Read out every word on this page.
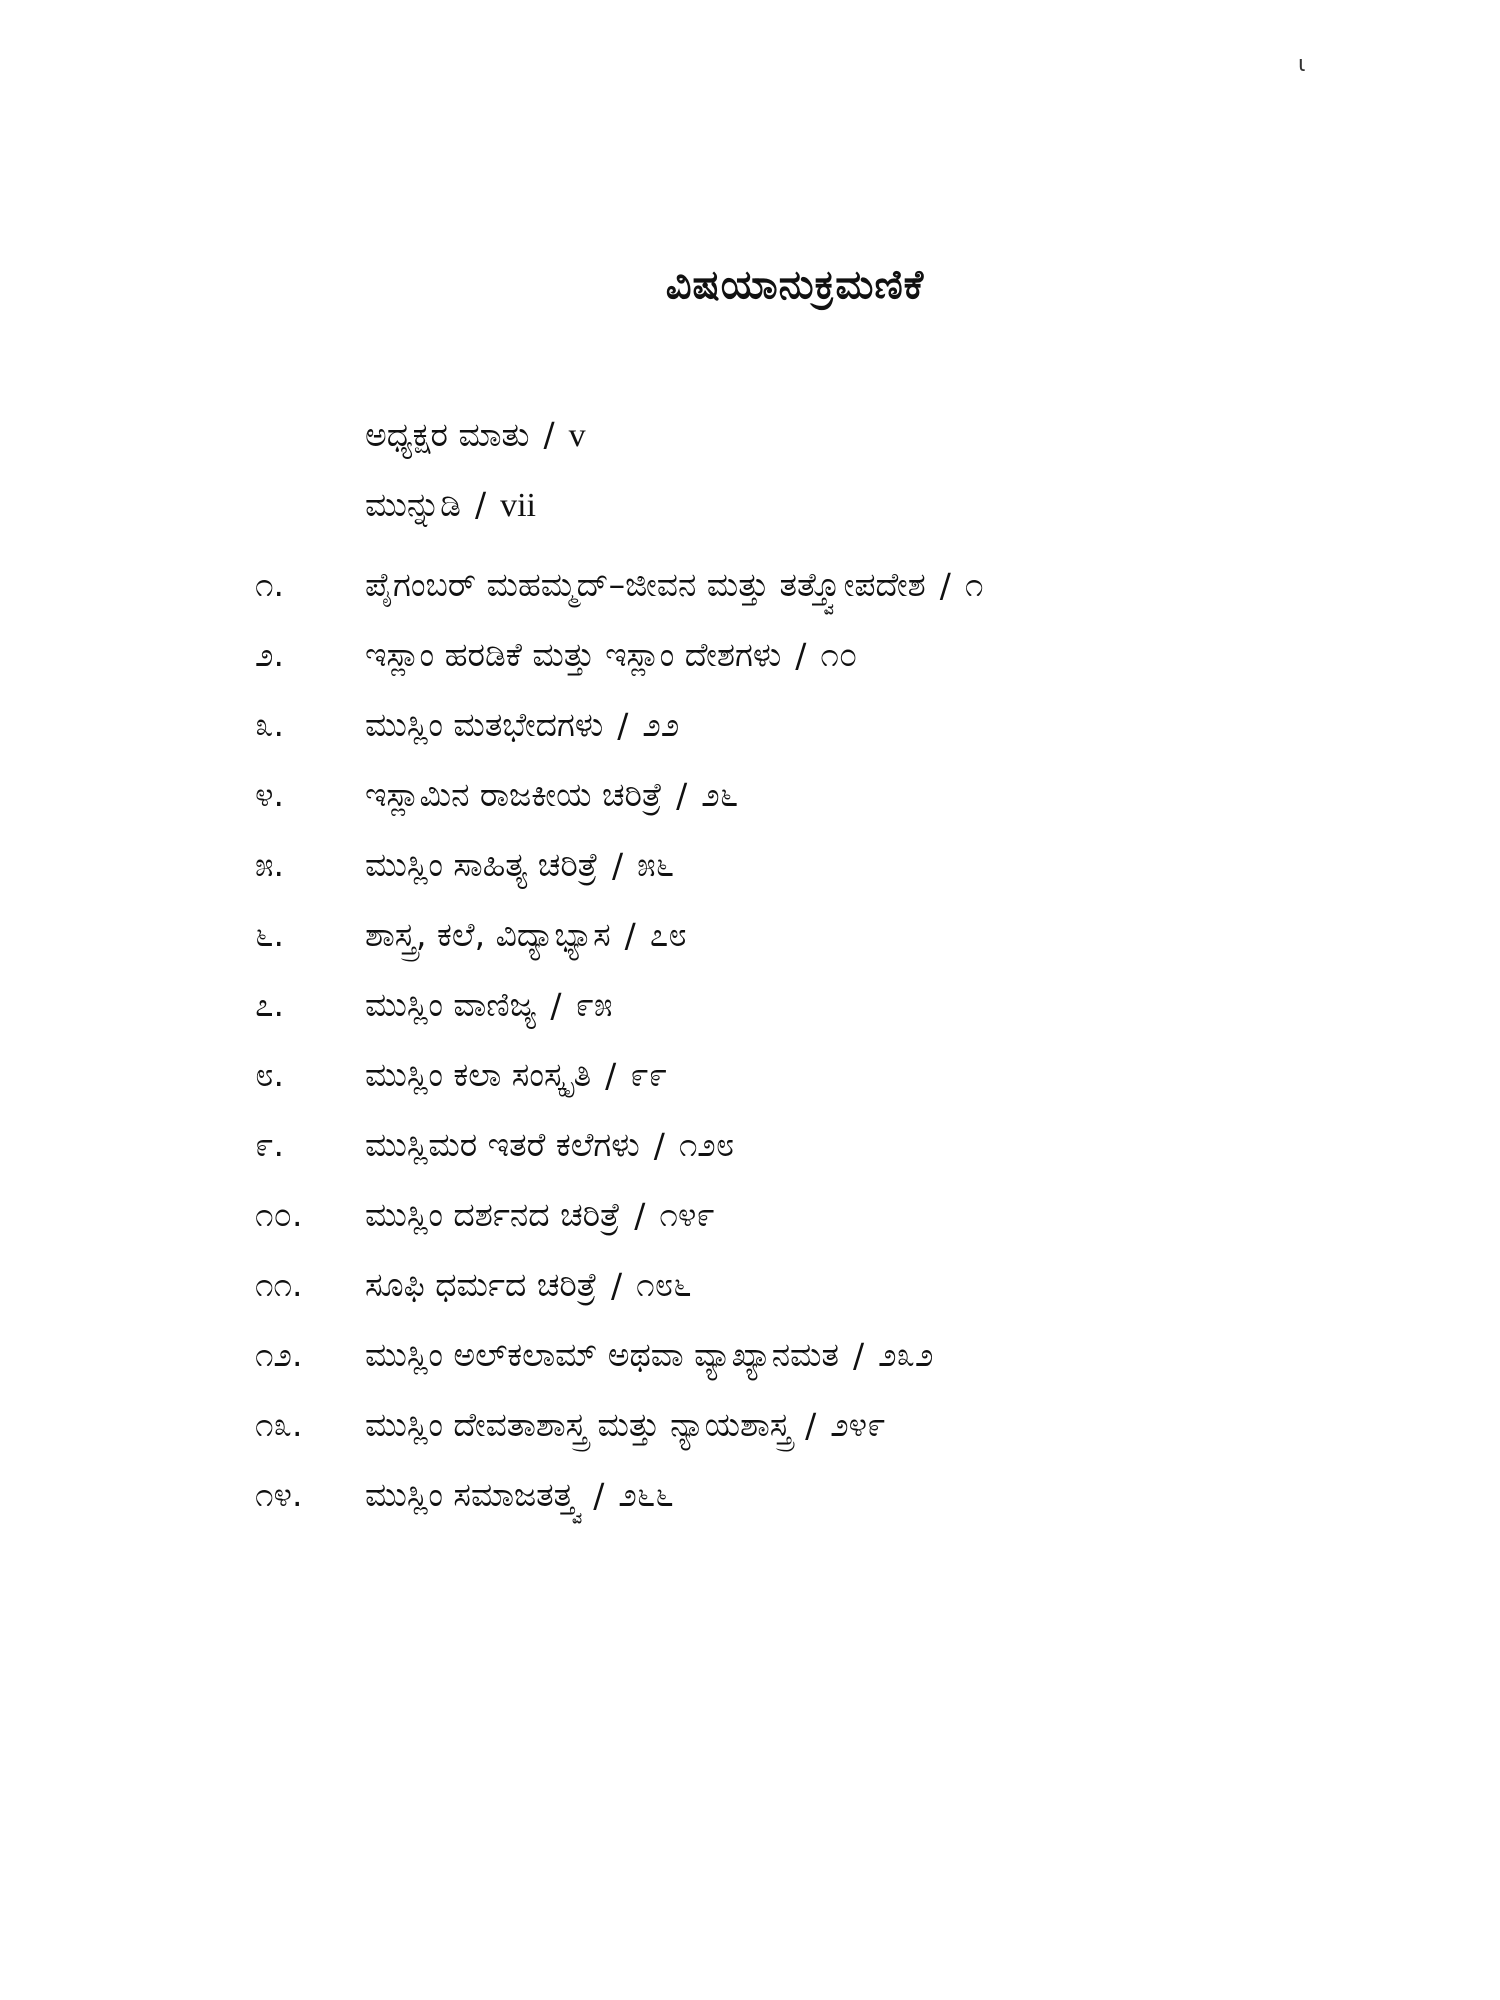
ɩ
ವಿಷಯಾನುಕ್ರಮಣಿಕೆ
ಅಧ್ಯಕ್ಷರ ಮಾತು / v
ಮುನ್ನುಡಿ / vii
೧.	ಪೈಗಂಬರ್ ಮಹಮ್ಮದ್–ಜೀವನ ಮತ್ತು ತತ್ತ್ವೋಪದೇಶ / ೧
೨.	ಇಸ್ಲಾಂ ಹರಡಿಕೆ ಮತ್ತು ಇಸ್ಲಾಂ ದೇಶಗಳು / ೧೦
೩.	ಮುಸ್ಲಿಂ ಮತಭೇದಗಳು / ೨೨
೪.	ಇಸ್ಲಾಮಿನ ರಾಜಕೀಯ ಚರಿತ್ರೆ / ೨೬
೫.	ಮುಸ್ಲಿಂ ಸಾಹಿತ್ಯ ಚರಿತ್ರೆ / ೫೬
೬.	ಶಾಸ್ತ್ರ, ಕಲೆ, ವಿದ್ಯಾಭ್ಯಾಸ / ೭೮
೭.	ಮುಸ್ಲಿಂ ವಾಣಿಜ್ಯ / ೯೫
೮.	ಮುಸ್ಲಿಂ ಕಲಾ ಸಂಸ್ಕೃತಿ / ೯೯
೯.	ಮುಸ್ಲಿಮರ ಇತರೆ ಕಲೆಗಳು / ೧೨೮
೧೦.	ಮುಸ್ಲಿಂ ದರ್ಶನದ ಚರಿತ್ರೆ / ೧೪೯
೧೧.	ಸೂಫಿ ಧರ್ಮದ ಚರಿತ್ರೆ / ೧೮೬
೧೨.	ಮುಸ್ಲಿಂ ಅಲ್‌ಕಲಾಮ್ ಅಥವಾ ವ್ಯಾಖ್ಯಾನಮತ / ೨೩೨
೧೩.	ಮುಸ್ಲಿಂ ದೇವತಾಶಾಸ್ತ್ರ ಮತ್ತು ನ್ಯಾಯಶಾಸ್ತ್ರ / ೨೪೯
೧೪.	ಮುಸ್ಲಿಂ ಸಮಾಜತತ್ತ್ವ / ೨೬೬
